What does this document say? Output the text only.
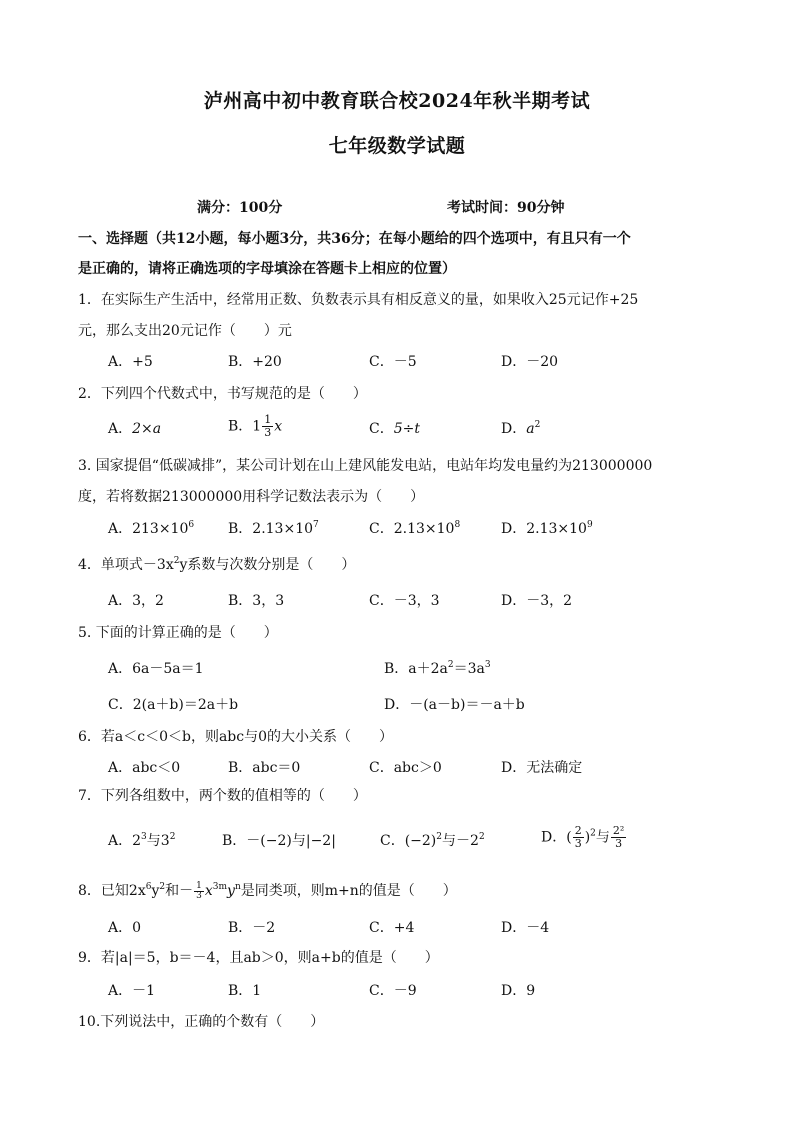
泸州高中初中教育联合校2024年秋半期考试
七年级数学试题
满分：100分	考试时间：90分钟
一、选择题（共12小题，每小题3分，共36分；在每小题给的四个选项中，有且只有一个
是正确的，请将正确选项的字母填涂在答题卡上相应的位置）
1．在实际生产生活中，经常用正数、负数表示具有相反意义的量，如果收入25元记作+25
元，那么支出20元记作（　　）元
A．+5	B．+20	C．－5	D．－20
2．下列四个代数式中，书写规范的是（　　）
A．2×a	B．$1 \frac{1}{3}$ x	C．5÷t	D．$a^2$
3. 国家提倡“低碳减排”，某公司计划在山上建风能发电站，电站年均发电量约为213000000
度，若将数据213000000用科学记数法表示为（　　）
A．$213\times 10^6$ B．$2.13\times 10^7$	C．$2.13\times 10^8$	D．$2.13\times 10^9$
4．单项式$-3x^2y$系数与次数分别是（　　）
A．3，2	B．3，3	C．－3，3	D．－3，2
5. 下面的计算正确的是（　　）
A．6a－5a＝1	B．$a+2a^2=3a^3$
C．2(a＋b)＝2a＋b	D．－(a－b)＝－a＋b
6．若a＜c＜0＜b，则abc与0的大小关系（　　）
A．abc＜0	B．abc＝0	C．abc＞0	D．无法确定
7．下列各组数中，两个数的值相等的（　　）
A．$2^3$与$3^2$	B．－(−2)与|−2|	C．$(-2)^2$与$-2^2$	D．( $\frac{2}{3} )^2$与 $\frac{\text{2²}}{3}$
8．已知$2x^6y^2$和－ $\frac{1}{3} x^{3m}y^n$是同类项，则m+n的值是（　　）
A．0	B．－2	C．+4	D．－4
9．若|a|＝5，b＝－4，且ab＞0，则a+b的值是（　　）
A．－1	B．1	C．－9	D．9
10.下列说法中，正确的个数有（　　）
